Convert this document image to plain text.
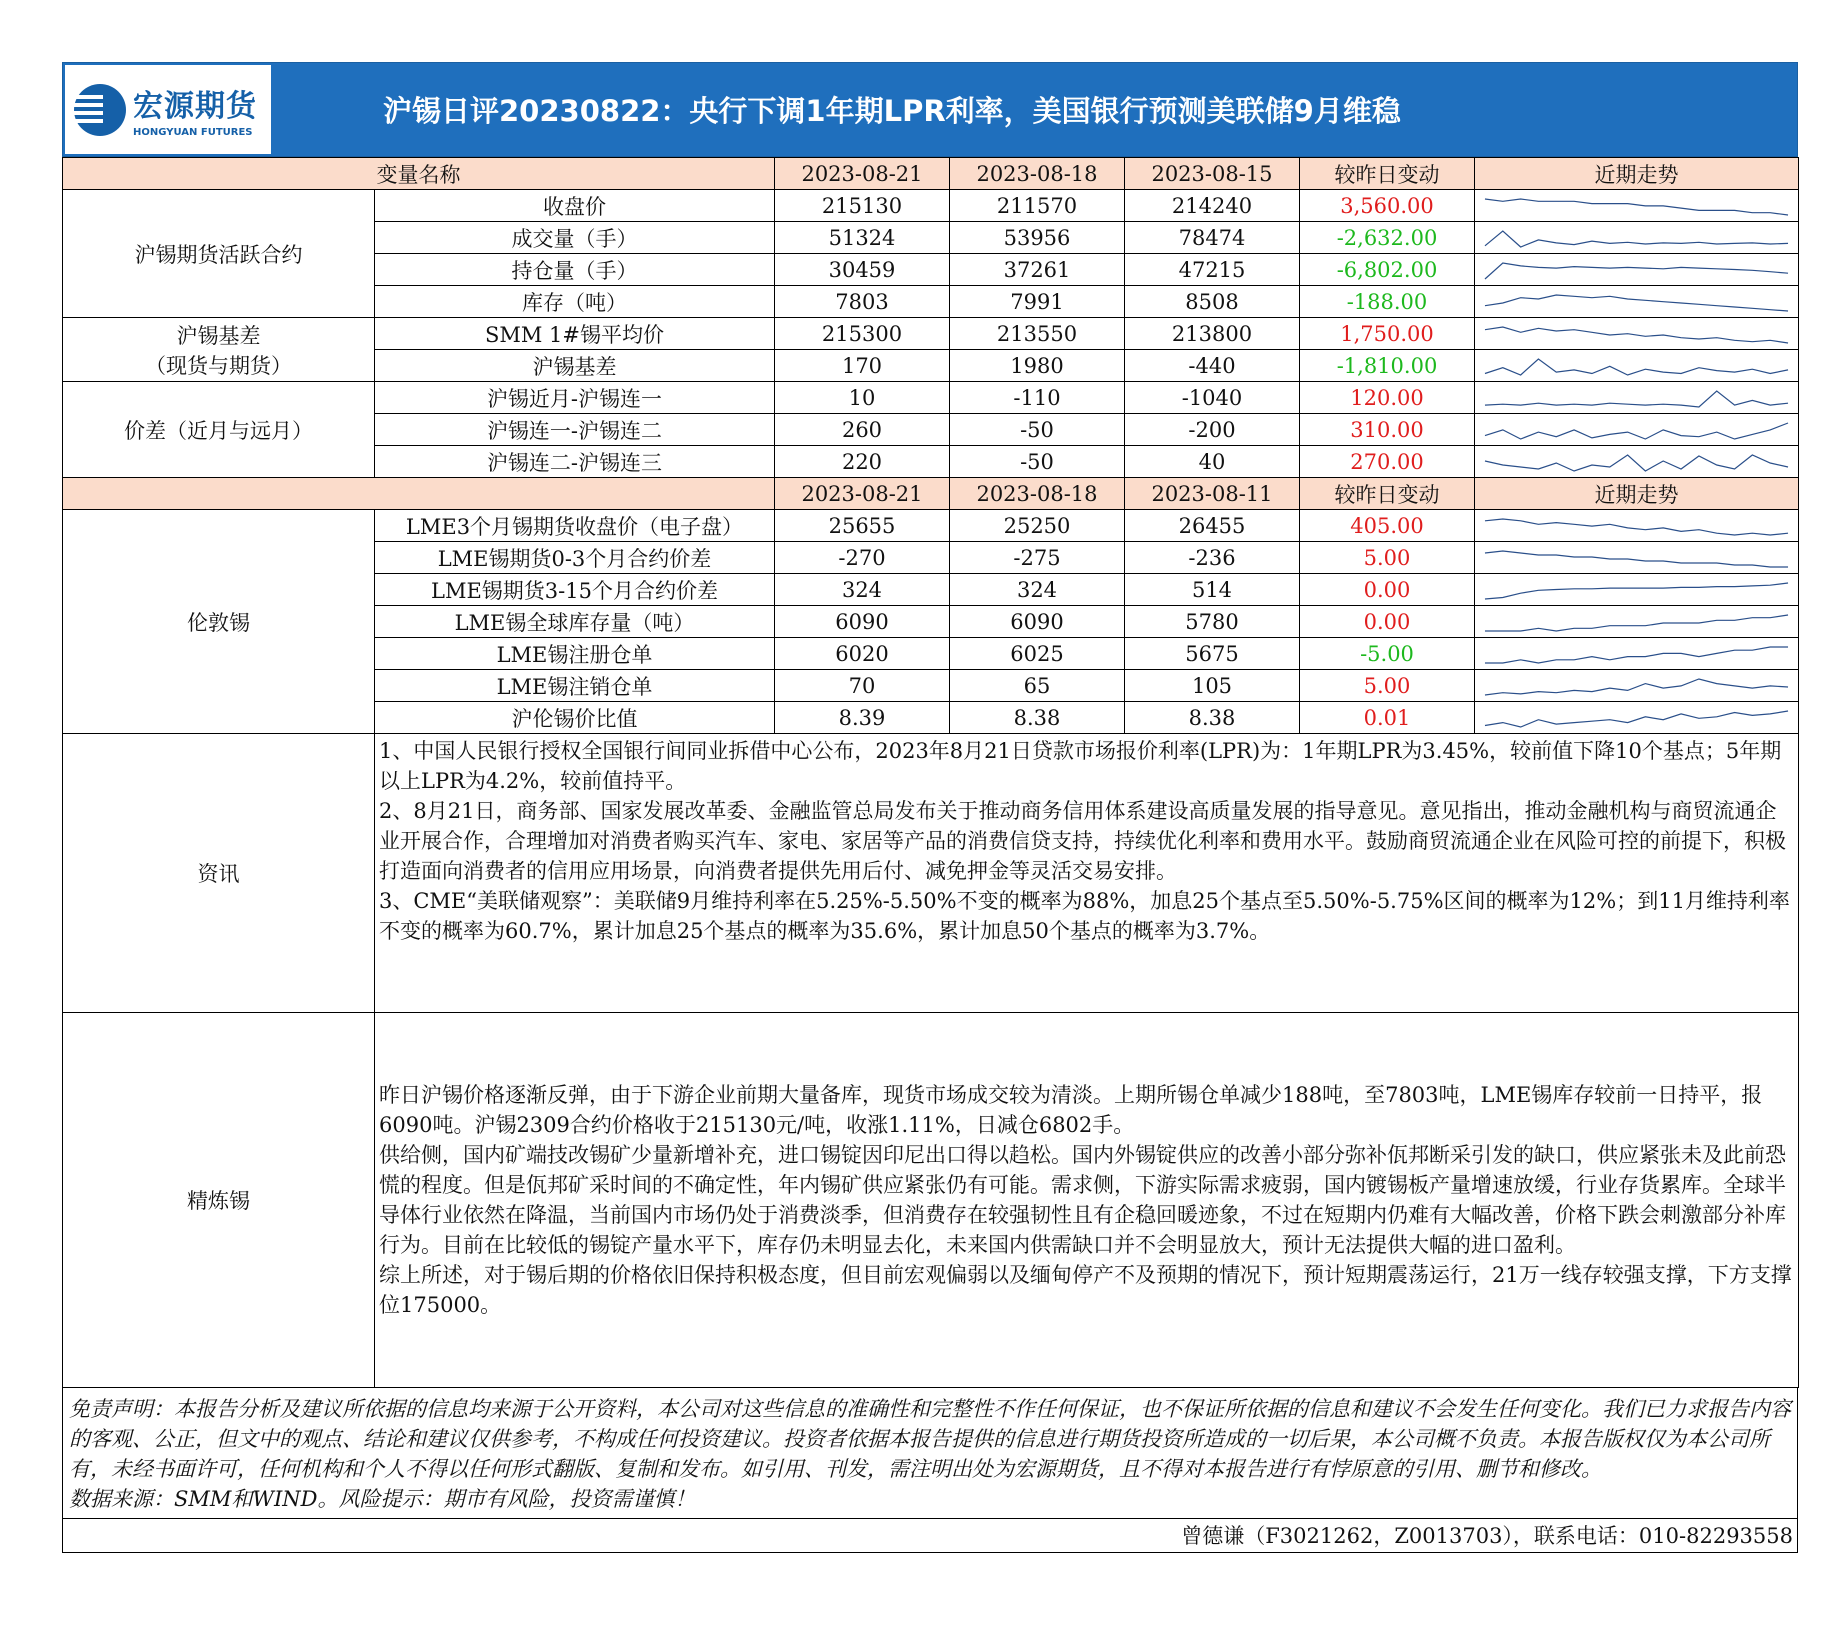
宏源期货
HONGYUAN FUTURES
沪锡日评20230822：央行下调1年期LPR利率，美国银行预测美联储9月维稳
变量名称		2023-08-21	2023-08-18	2023-08-15	较昨日变动	近期走势

沪锡期货活跃合约	收盘价	215130	211570	214240	3,560.00	

	成交量（手）	51324	53956	78474	-2,632.00	

	持仓量（手）	30459	37261	47215	-6,802.00	

	库存（吨）	7803	7991	8508	-188.00	

沪锡基差
（现货与期货）	SMM 1#锡平均价	215300	213550	213800	1,750.00	

	沪锡基差	170	1980	-440	-1,810.00	

价差（近月与远月）	沪锡近月-沪锡连一	10	-110	-1040	120.00	

	沪锡连一-沪锡连二	260	-50	-200	310.00	

	沪锡连二-沪锡连三	220	-50	40	270.00	

		2023-08-21	2023-08-18	2023-08-11	较昨日变动	近期走势
伦敦锡	LME3个月锡期货收盘价（电子盘）	25655	25250	26455	405.00	

	LME锡期货0-3个月合约价差	-270	-275	-236	5.00	

	LME锡期货3-15个月合约价差	324	324	514	0.00	

	LME锡全球库存量（吨）	6090	6090	5780	0.00	

	LME锡注册仓单	6020	6025	5675	-5.00	

	LME锡注销仓单	70	65	105	5.00	

	沪伦锡价比值	8.39	8.38	8.38	0.01	

资讯	1、中国人民银行授权全国银行间同业拆借中心公布，2023年8月21日贷款市场报价利率(LPR)为：1年期LPR为3.45%，较前值下降10个基点；5年期以上LPR为4.2%，较前值持平。
2、8月21日，商务部、国家发展改革委、金融监管总局发布关于推动商务信用体系建设高质量发展的指导意见。意见指出，推动金融机构与商贸流通企业开展合作，合理增加对消费者购买汽车、家电、家居等产品的消费信贷支持，持续优化利率和费用水平。鼓励商贸流通企业在风险可控的前提下，积极打造面向消费者的信用应用场景，向消费者提供先用后付、减免押金等灵活交易安排。
3、CME“美联储观察”：美联储9月维持利率在5.25%-5.50%不变的概率为88%，加息25个基点至5.50%-5.75%区间的概率为12%；到11月维持利率不变的概率为60.7%，累计加息25个基点的概率为35.6%，累计加息50个基点的概率为3.7%。					

精炼锡	昨日沪锡价格逐渐反弹，由于下游企业前期大量备库，现货市场成交较为清淡。上期所锡仓单减少188吨，至7803吨，LME锡库存较前一日持平，报6090吨。沪锡2309合约价格收于215130元/吨，收涨1.11%，日减仓6802手。
供给侧，国内矿端技改锡矿少量新增补充，进口锡锭因印尼出口得以趋松。国内外锡锭供应的改善小部分弥补佤邦断采引发的缺口，供应紧张未及此前恐慌的程度。但是佤邦矿采时间的不确定性，年内锡矿供应紧张仍有可能。需求侧，下游实际需求疲弱，国内镀锡板产量增速放缓，行业存货累库。全球半导体行业依然在降温，当前国内市场仍处于消费淡季，但消费存在较强韧性且有企稳回暖迹象，不过在短期内仍难有大幅改善，价格下跌会刺激部分补库行为。目前在比较低的锡锭产量水平下，库存仍未明显去化，未来国内供需缺口并不会明显放大，预计无法提供大幅的进口盈利。
综上所述，对于锡后期的价格依旧保持积极态度，但目前宏观偏弱以及缅甸停产不及预期的情况下，预计短期震荡运行，21万一线存较强支撑，下方支撑位175000。					
免责声明：本报告分析及建议所依据的信息均来源于公开资料，本公司对这些信息的准确性和完整性不作任何保证，也不保证所依据的信息和建议不会发生任何变化。我们已力求报告内容的客观、公正，但文中的观点、结论和建议仅供参考，不构成任何投资建议。投资者依据本报告提供的信息进行期货投资所造成的一切后果，本公司概不负责。本报告版权仅为本公司所有，未经书面许可，任何机构和个人不得以任何形式翻版、复制和发布。如引用、刊发，需注明出处为宏源期货，且不得对本报告进行有悖原意的引用、删节和修改。
数据来源：SMM和WIND。风险提示：期市有风险，投资需谨慎！
曾德谦（F3021262，Z0013703），联系电话：010-82293558
